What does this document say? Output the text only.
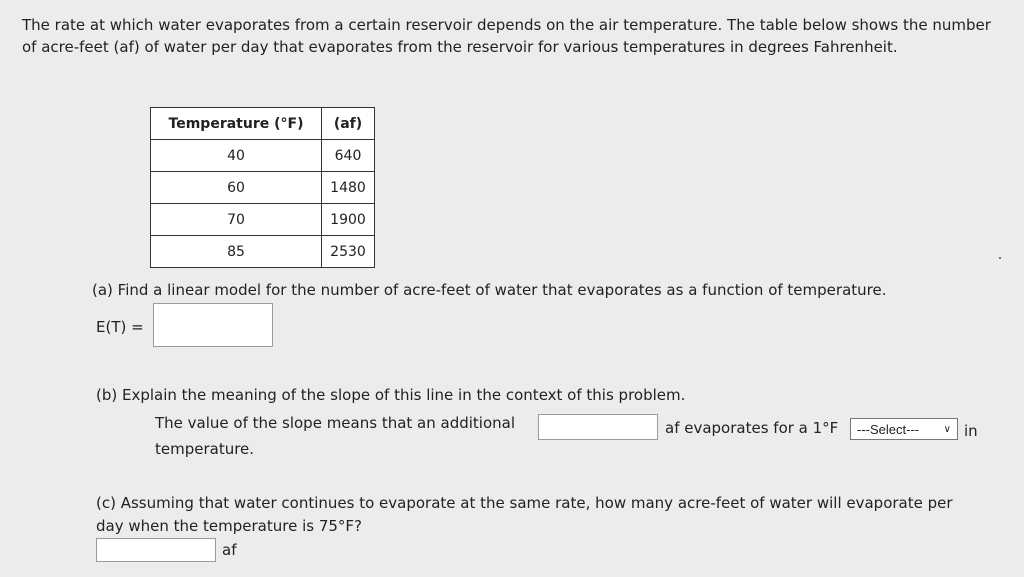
The rate at which water evaporates from a certain reservoir depends on the air temperature. The table below shows the number of acre-feet (af) of water per day that evaporates from the reservoir for various temperatures in degrees Fahrenheit.

Temperature (°F)	(af)
40	640
60	1480
70	1900
85	2530

(a) Find a linear model for the number of acre-feet of water that evaporates as a function of temperature.

E(T) =

(b) Explain the meaning of the slope of this line in the context of this problem.

The value of the slope means that an additional	af evaporates for a 1°F ---Select--- ∨ in
temperature.

(c) Assuming that water continues to evaporate at the same rate, how many acre-feet of water will evaporate per

day when the temperature is 75°F?

af
